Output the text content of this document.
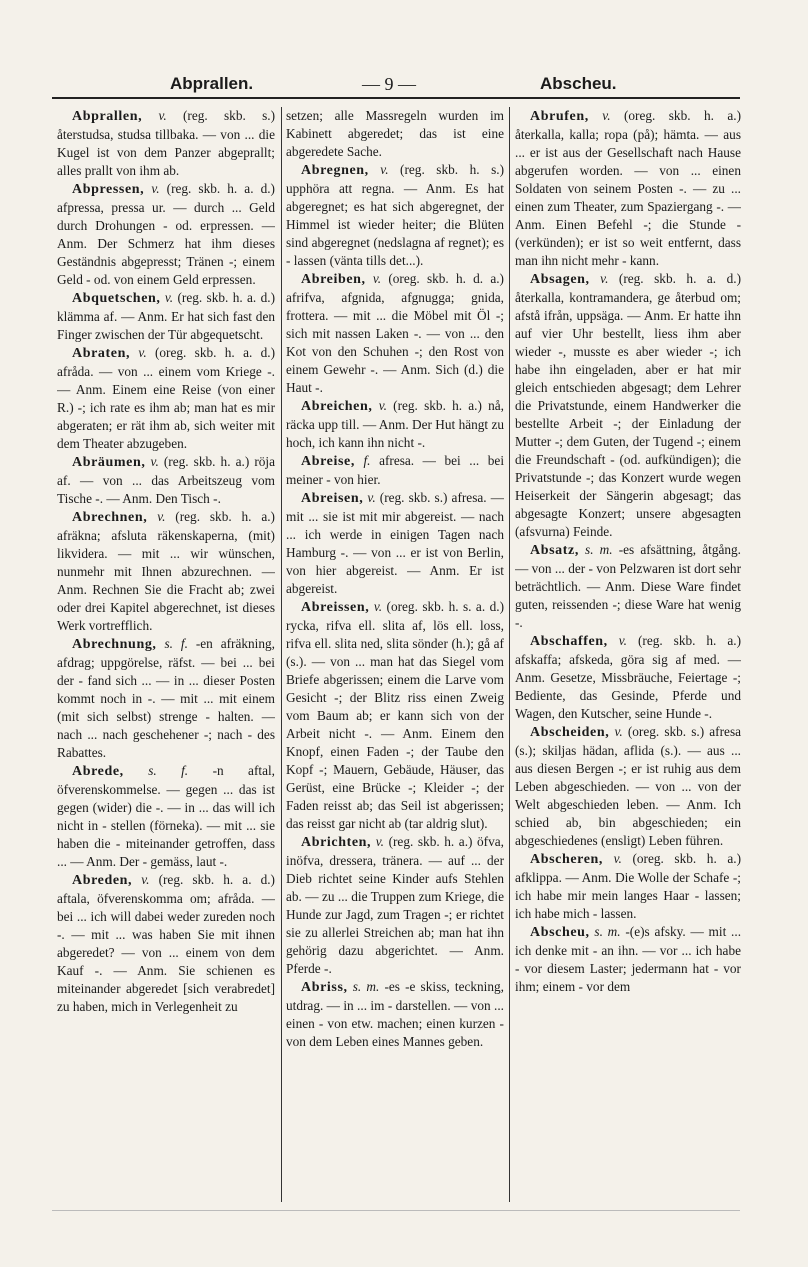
Abprallen.	— 9 —	Abscheu.

Abprallen, v. (reg. skb. s.) återstudsa, studsa tillbaka. — von ... die Kugel ist von dem Panzer abgeprallt; alles prallt von ihm ab.

Abpressen, v. (reg. skb. h. a. d.) afpressa, pressa ur. — durch ... Geld durch Drohungen - od. erpressen. — Anm. Der Schmerz hat ihm dieses Geständnis abgepresst; Tränen -; einem Geld - od. von einem Geld erpressen.

Abquetschen, v. (reg. skb. h. a. d.) klämma af. — Anm. Er hat sich fast den Finger zwischen der Tür abgequetscht.

Abraten, v. (oreg. skb. h. a. d.) afråda. — von ... einem vom Kriege -. — Anm. Einem eine Reise (von einer R.) -; ich rate es ihm ab; man hat es mir abgeraten; er rät ihm ab, sich weiter mit dem Theater abzugeben.

Abräumen, v. (reg. skb. h. a.) röja af. — von ... das Arbeitszeug vom Tische -. — Anm. Den Tisch -.

Abrechnen, v. (reg. skb. h. a.) afräkna; afsluta räkenskaperna, (mit) likvidera. — mit ... wir wünschen, nunmehr mit Ihnen abzurechnen. — Anm. Rechnen Sie die Fracht ab; zwei oder drei Kapitel abgerechnet, ist dieses Werk vortrefflich.

Abrechnung, s. f. -en afräkning, afdrag; uppgörelse, räfst. — bei ... bei der - fand sich ... — in ... dieser Posten kommt noch in -. — mit ... mit einem (mit sich selbst) strenge - halten. — nach ... nach geschehener -; nach - des Rabattes.

Abrede, s. f. -n aftal, öfverenskommelse. — gegen ... das ist gegen (wider) die -. — in ... das will ich nicht in - stellen (förneka). — mit ... sie haben die - miteinander getroffen, dass ... — Anm. Der - gemäss, laut -.

Abreden, v. (reg. skb. h. a. d.) aftala, öfverenskomma om; afråda. — bei ... ich will dabei weder zureden noch -. — mit ... was haben Sie mit ihnen abgeredet? — von ... einem von dem Kauf -. — Anm. Sie schienen es miteinander abgeredet [sich verabredet] zu haben, mich in Verlegenheit zu

setzen; alle Massregeln wurden im Kabinett abgeredet; das ist eine abgeredete Sache.

Abregnen, v. (reg. skb. h. s.) upphöra att regna. — Anm. Es hat abgeregnet; es hat sich abgeregnet, der Himmel ist wieder heiter; die Blüten sind abgeregnet (nedslagna af regnet); es - lassen (vänta tills det...).

Abreiben, v. (oreg. skb. h. d. a.) afrifva, afgnida, afgnugga; gnida, frottera. — mit ... die Möbel mit Öl -; sich mit nassen Laken -. — von ... den Kot von den Schuhen -; den Rost von einem Gewehr -. — Anm. Sich (d.) die Haut -.

Abreichen, v. (reg. skb. h. a.) nå, räcka upp till. — Anm. Der Hut hängt zu hoch, ich kann ihn nicht -.

Abreise, f. afresa. — bei ... bei meiner - von hier.

Abreisen, v. (reg. skb. s.) afresa. — mit ... sie ist mit mir abgereist. — nach ... ich werde in einigen Tagen nach Hamburg -. — von ... er ist von Berlin, von hier abgereist. — Anm. Er ist abgereist.

Abreissen, v. (oreg. skb. h. s. a. d.) rycka, rifva ell. slita af, lös ell. loss, rifva ell. slita ned, slita sönder (h.); gå af (s.). — von ... man hat das Siegel vom Briefe abgerissen; einem die Larve vom Gesicht -; der Blitz riss einen Zweig vom Baum ab; er kann sich von der Arbeit nicht -. — Anm. Einem den Knopf, einen Faden -; der Taube den Kopf -; Mauern, Gebäude, Häuser, das Gerüst, eine Brücke -; Kleider -; der Faden reisst ab; das Seil ist abgerissen; das reisst gar nicht ab (tar aldrig slut).

Abrichten, v. (reg. skb. h. a.) öfva, inöfva, dressera, tränera. — auf ... der Dieb richtet seine Kinder aufs Stehlen ab. — zu ... die Truppen zum Kriege, die Hunde zur Jagd, zum Tragen -; er richtet sie zu allerlei Streichen ab; man hat ihn gehörig dazu abgerichtet. — Anm. Pferde -.

Abriss, s. m. -es -e skiss, teckning, utdrag. — in ... im - darstellen. — von ... einen - von etw. machen; einen kurzen - von dem Leben eines Mannes geben.

Abrufen, v. (oreg. skb. h. a.) återkalla, kalla; ropa (på); hämta. — aus ... er ist aus der Gesellschaft nach Hause abgerufen worden. — von ... einen Soldaten von seinem Posten -. — zu ... einen zum Theater, zum Spaziergang -. — Anm. Einen Befehl -; die Stunde - (verkünden); er ist so weit entfernt, dass man ihn nicht mehr - kann.

Absagen, v. (reg. skb. h. a. d.) återkalla, kontramandera, ge återbud om; afstå ifrån, uppsäga. — Anm. Er hatte ihn auf vier Uhr bestellt, liess ihm aber wieder -, musste es aber wieder -; ich habe ihn eingeladen, aber er hat mir gleich entschieden abgesagt; dem Lehrer die Privatstunde, einem Handwerker die bestellte Arbeit -; der Einladung der Mutter -; dem Guten, der Tugend -; einem die Freundschaft - (od. aufkündigen); die Privatstunde -; das Konzert wurde wegen Heiserkeit der Sängerin abgesagt; das abgesagte Konzert; unsere abgesagten (afsvurna) Feinde.

Absatz, s. m. -es afsättning, åtgång. — von ... der - von Pelzwaren ist dort sehr beträchtlich. — Anm. Diese Ware findet guten, reissenden -; diese Ware hat wenig -.

Abschaffen, v. (reg. skb. h. a.) afskaffa; afskeda, göra sig af med. — Anm. Gesetze, Missbräuche, Feiertage -; Bediente, das Gesinde, Pferde und Wagen, den Kutscher, seine Hunde -.

Abscheiden, v. (oreg. skb. s.) afresa (s.); skiljas hädan, aflida (s.). — aus ... aus diesen Bergen -; er ist ruhig aus dem Leben abgeschieden. — von ... von der Welt abgeschieden leben. — Anm. Ich schied ab, bin abgeschieden; ein abgeschiedenes (ensligt) Leben führen.

Abscheren, v. (oreg. skb. h. a.) afklippa. — Anm. Die Wolle der Schafe -; ich habe mir mein langes Haar - lassen; ich habe mich - lassen.

Abscheu, s. m. -(e)s afsky. — mit ... ich denke mit - an ihn. — vor ... ich habe - vor diesem Laster; jedermann hat - vor ihm; einem - vor dem
